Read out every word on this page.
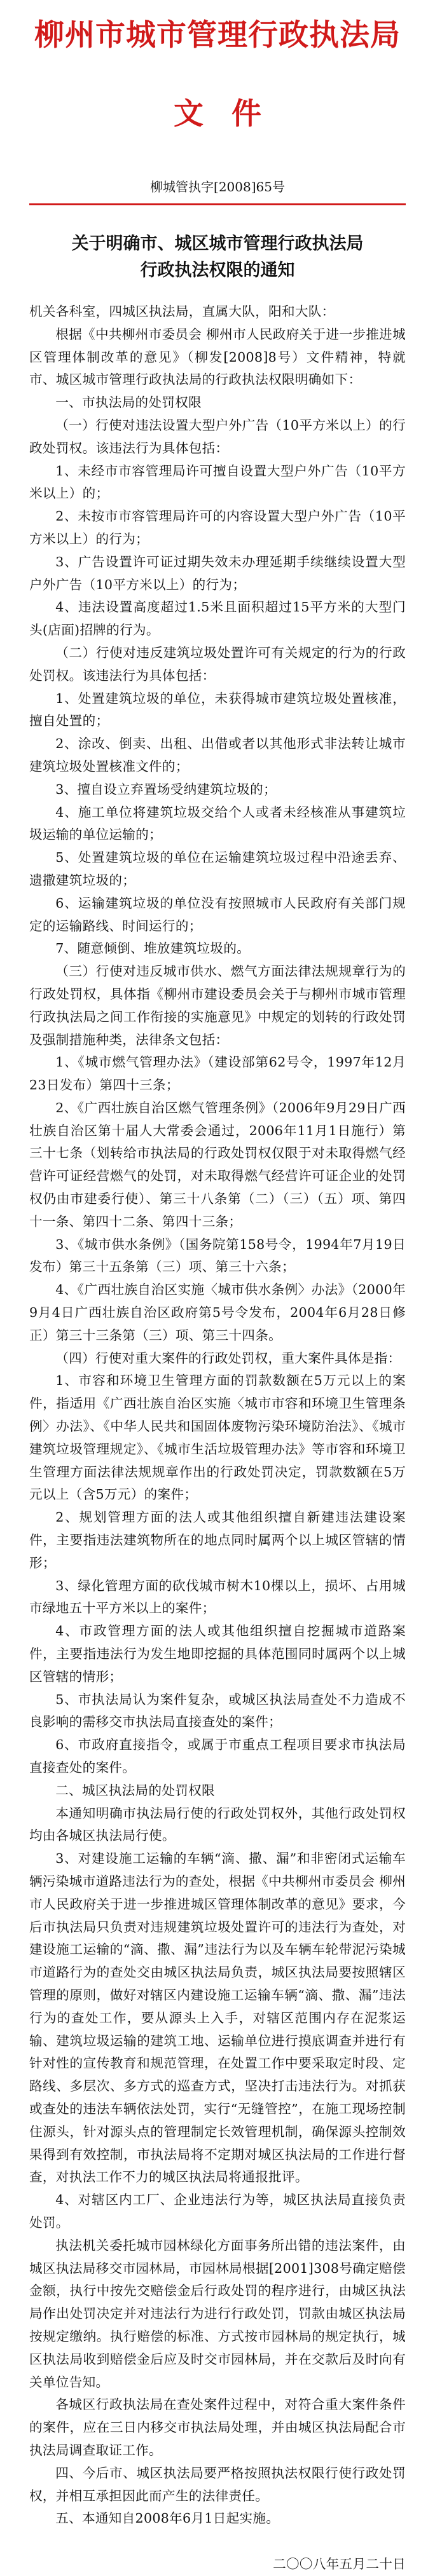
柳州市城市管理行政执法局
文件
柳城管执字[2008]65号
关于明确市、城区城市管理行政执法局
行政执法权限的通知

机关各科室，四城区执法局，直属大队，阳和大队：

根据《中共柳州市委员会 柳州市人民政府关于进一步推进城区管理体制改革的意见》（柳发[2008]8号）文件精神，特就市、城区城市管理行政执法局的行政执法权限明确如下：

一、市执法局的处罚权限

（一）行使对违法设置大型户外广告（10平方米以上）的行政处罚权。该违法行为具体包括：

1、未经市市容管理局许可擅自设置大型户外广告（10平方米以上）的；

2、未按市市容管理局许可的内容设置大型户外广告（10平方米以上）的行为；

3、广告设置许可证过期失效未办理延期手续继续设置大型户外广告（10平方米以上）的行为；

4、违法设置高度超过1.5米且面积超过15平方米的大型门头(店面)招牌的行为。

（二）行使对违反建筑垃圾处置许可有关规定的行为的行政处罚权。该违法行为具体包括：

1、处置建筑垃圾的单位，未获得城市建筑垃圾处置核准，擅自处置的；

2、涂改、倒卖、出租、出借或者以其他形式非法转让城市建筑垃圾处置核准文件的；

3、擅自设立弃置场受纳建筑垃圾的；

4、施工单位将建筑垃圾交给个人或者未经核准从事建筑垃圾运输的单位运输的；

5、处置建筑垃圾的单位在运输建筑垃圾过程中沿途丢弃、遗撒建筑垃圾的；

6、运输建筑垃圾的单位没有按照城市人民政府有关部门规定的运输路线、时间运行的；

7、随意倾倒、堆放建筑垃圾的。

（三）行使对违反城市供水、燃气方面法律法规规章行为的行政处罚权，具体指《柳州市建设委员会关于与柳州市城市管理行政执法局之间工作衔接的实施意见》中规定的划转的行政处罚及强制措施种类，法律条文包括：

1、《城市燃气管理办法》（建设部第62号令，1997年12月23日发布）第四十三条；

2、《广西壮族自治区燃气管理条例》（2006年9月29日广西壮族自治区第十届人大常委会通过，2006年11月1日施行）第三十七条（划转给市执法局的行政处罚权仅限于对未取得燃气经营许可证经营燃气的处罚，对未取得燃气经营许可证企业的处罚权仍由市建委行使）、第三十八条第（二）（三）（五）项、第四十一条、第四十二条、第四十三条；

3、《城市供水条例》（国务院第158号令，1994年7月19日发布）第三十五条第（三）项、第三十六条；

4、《广西壮族自治区实施〈城市供水条例〉办法》（2000年9月4日广西壮族自治区政府第5号令发布，2004年6月28日修正）第三十三条第（三）项、第三十四条。

（四）行使对重大案件的行政处罚权，重大案件具体是指：

1、市容和环境卫生管理方面的罚款数额在5万元以上的案件，指适用《广西壮族自治区实施〈城市市容和环境卫生管理条例〉办法》、《中华人民共和国固体废物污染环境防治法》、《城市建筑垃圾管理规定》、《城市生活垃圾管理办法》等市容和环境卫生管理方面法律法规规章作出的行政处罚决定，罚款数额在5万元以上（含5万元）的案件；

2、规划管理方面的法人或其他组织擅自新建违法建设案件，主要指违法建筑物所在的地点同时属两个以上城区管辖的情形；

3、绿化管理方面的砍伐城市树木10棵以上，损坏、占用城市绿地五十平方米以上的案件；

4、市政管理方面的法人或其他组织擅自挖掘城市道路案件，主要指违法行为发生地即挖掘的具体范围同时属两个以上城区管辖的情形；

5、市执法局认为案件复杂，或城区执法局查处不力造成不良影响的需移交市执法局直接查处的案件；

6、市政府直接指令，或属于市重点工程项目要求市执法局直接查处的案件。

二、城区执法局的处罚权限

本通知明确市执法局行使的行政处罚权外，其他行政处罚权均由各城区执法局行使。

3、对建设施工运输的车辆“滴、撒、漏”和非密闭式运输车辆污染城市道路违法行为的查处，根据《中共柳州市委员会 柳州市人民政府关于进一步推进城区管理体制改革的意见》要求，今后市执法局只负责对违规建筑垃圾处置许可的违法行为查处，对建设施工运输的“滴、撒、漏”违法行为以及车辆车轮带泥污染城市道路行为的查处交由城区执法局负责，城区执法局要按照辖区管理的原则，做好对辖区内建设施工运输车辆“滴、撒、漏”违法行为的查处工作，要从源头上入手，对辖区范围内存在泥浆运输、建筑垃圾运输的建筑工地、运输单位进行摸底调查并进行有针对性的宣传教育和规范管理，在处置工作中要采取定时段、定路线、多层次、多方式的巡查方式，坚决打击违法行为。对抓获或查处的违法车辆依法处罚，实行“无缝管控”，在施工现场控制住源头，针对源头点的管理制定长效管理机制，确保源头控制效果得到有效控制，市执法局将不定期对城区执法局的工作进行督查，对执法工作不力的城区执法局将通报批评。

4、对辖区内工厂、企业违法行为等，城区执法局直接负责处罚。

执法机关委托城市园林绿化方面事务所出错的违法案件，由城区执法局移交市园林局，市园林局根据[2001]308号确定赔偿金额，执行中按先交赔偿金后行政处罚的程序进行，由城区执法局作出处罚决定并对违法行为进行行政处罚，罚款由城区执法局按规定缴纳。执行赔偿的标准、方式按市园林局的规定执行，城区执法局收到赔偿金后应及时交市园林局，并在交款后及时向有关单位告知。

各城区行政执法局在查处案件过程中，对符合重大案件条件的案件，应在三日内移交市执法局处理，并由城区执法局配合市执法局调查取证工作。

四、今后市、城区执法局要严格按照执法权限行使行政处罚权，并相互承担因此而产生的法律责任。

五、本通知自2008年6月1日起实施。

二〇〇八年五月二十日
